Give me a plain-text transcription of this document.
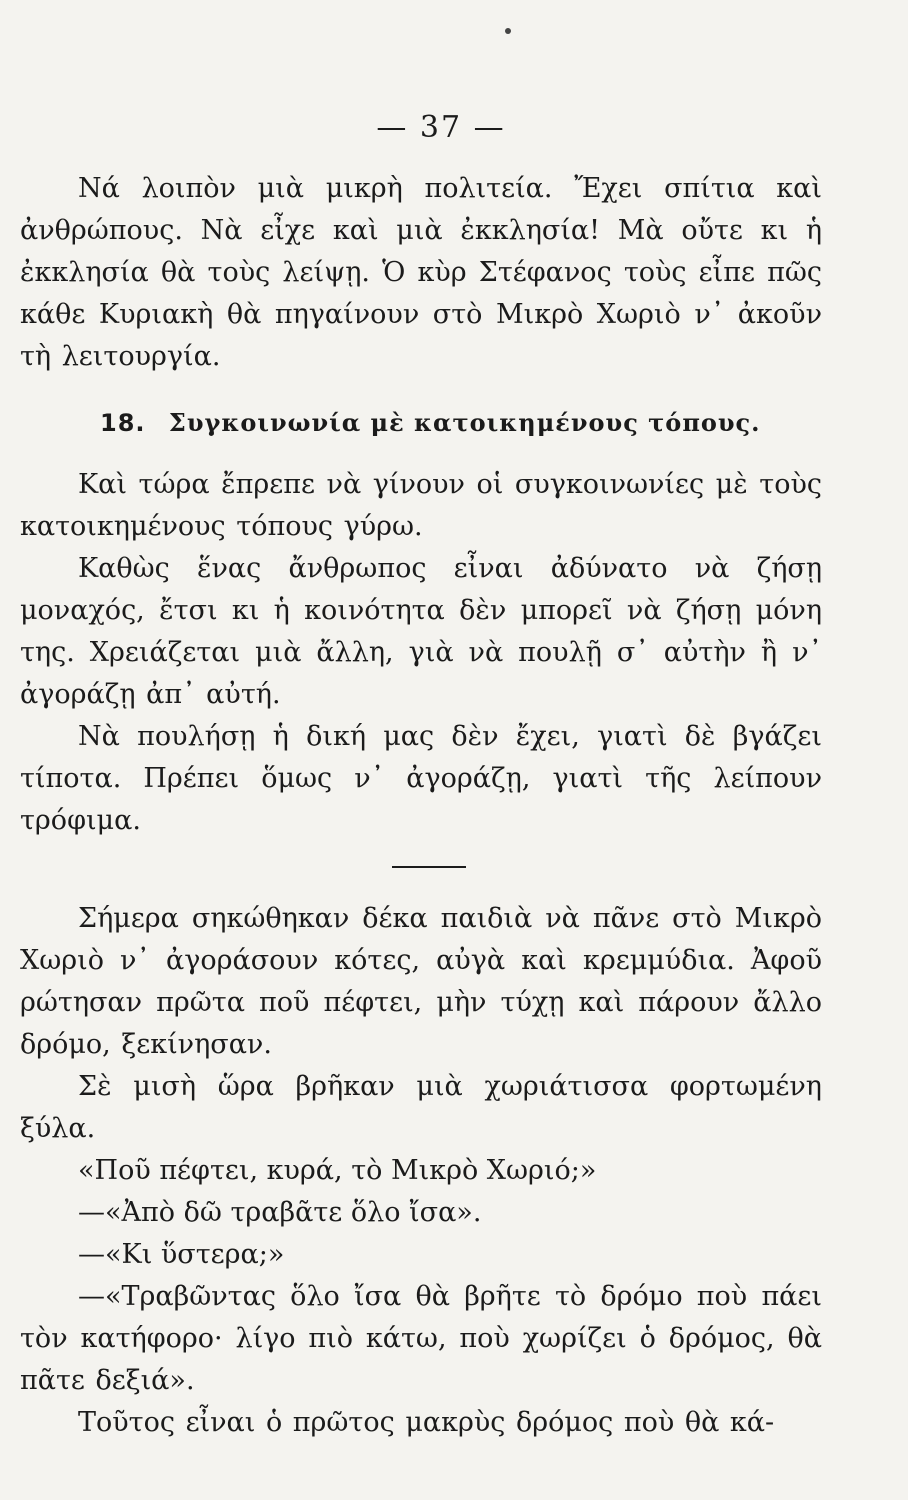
— 37 —

Νά λοιπὸν μιὰ μικρὴ πολιτεία. Ἔχει σπίτια καὶ ἀνθρώπους. Νὰ εἶχε καὶ μιὰ ἐκκλησία! Μὰ οὔτε κι ἡ ἐκκλησία θὰ τοὺς λείψῃ. Ὁ κὺρ Στέφανος τοὺς εἶπε πῶς κάθε Κυριακὴ θὰ πηγαίνουν στὸ Μικρὸ Χωριὸ ν᾽ ἀκοῦν τὴ λειτουργία.

18. Συγκοινωνία μὲ κατοικημένους τόπους.

Καὶ τώρα ἔπρεπε νὰ γίνουν οἱ συγκοινωνίες μὲ τοὺς κατοικημένους τόπους γύρω.

Καθὼς ἕνας ἄνθρωπος εἶναι ἀδύνατο νὰ ζήσῃ μοναχός, ἔτσι κι ἡ κοινότητα δὲν μπορεῖ νὰ ζήσῃ μόνη της. Χρειάζεται μιὰ ἄλλη, γιὰ νὰ πουλῇ σ᾽ αὐτὴν ἢ ν᾽ ἀγοράζῃ ἀπ᾽ αὐτή.

Νὰ πουλήσῃ ἡ δική μας δὲν ἔχει, γιατὶ δὲ βγάζει τίποτα. Πρέπει ὅμως ν᾽ ἀγοράζῃ, γιατὶ τῆς λείπουν τρόφιμα.

Σήμερα σηκώθηκαν δέκα παιδιὰ νὰ πᾶνε στὸ Μικρὸ Χωριὸ ν᾽ ἀγοράσουν κότες, αὐγὰ καὶ κρεμμύδια. Ἀφοῦ ρώτησαν πρῶτα ποῦ πέφτει, μὴν τύχῃ καὶ πάρουν ἄλλο δρόμο, ξεκίνησαν.

Σὲ μισὴ ὥρα βρῆκαν μιὰ χωριάτισσα φορτωμένη ξύλα.

«Ποῦ πέφτει, κυρά, τὸ Μικρὸ Χωριό;»

—«Ἀπὸ δῶ τραβᾶτε ὅλο ἴσα».

—«Κι ὕστερα;»

—«Τραβῶντας ὅλο ἴσα θὰ βρῆτε τὸ δρόμο ποὺ πάει τὸν κατήφορο· λίγο πιὸ κάτω, ποὺ χωρίζει ὁ δρόμος, θὰ πᾶτε δεξιά».

Τοῦτος εἶναι ὁ πρῶτος μακρὺς δρόμος ποὺ θὰ κά-
